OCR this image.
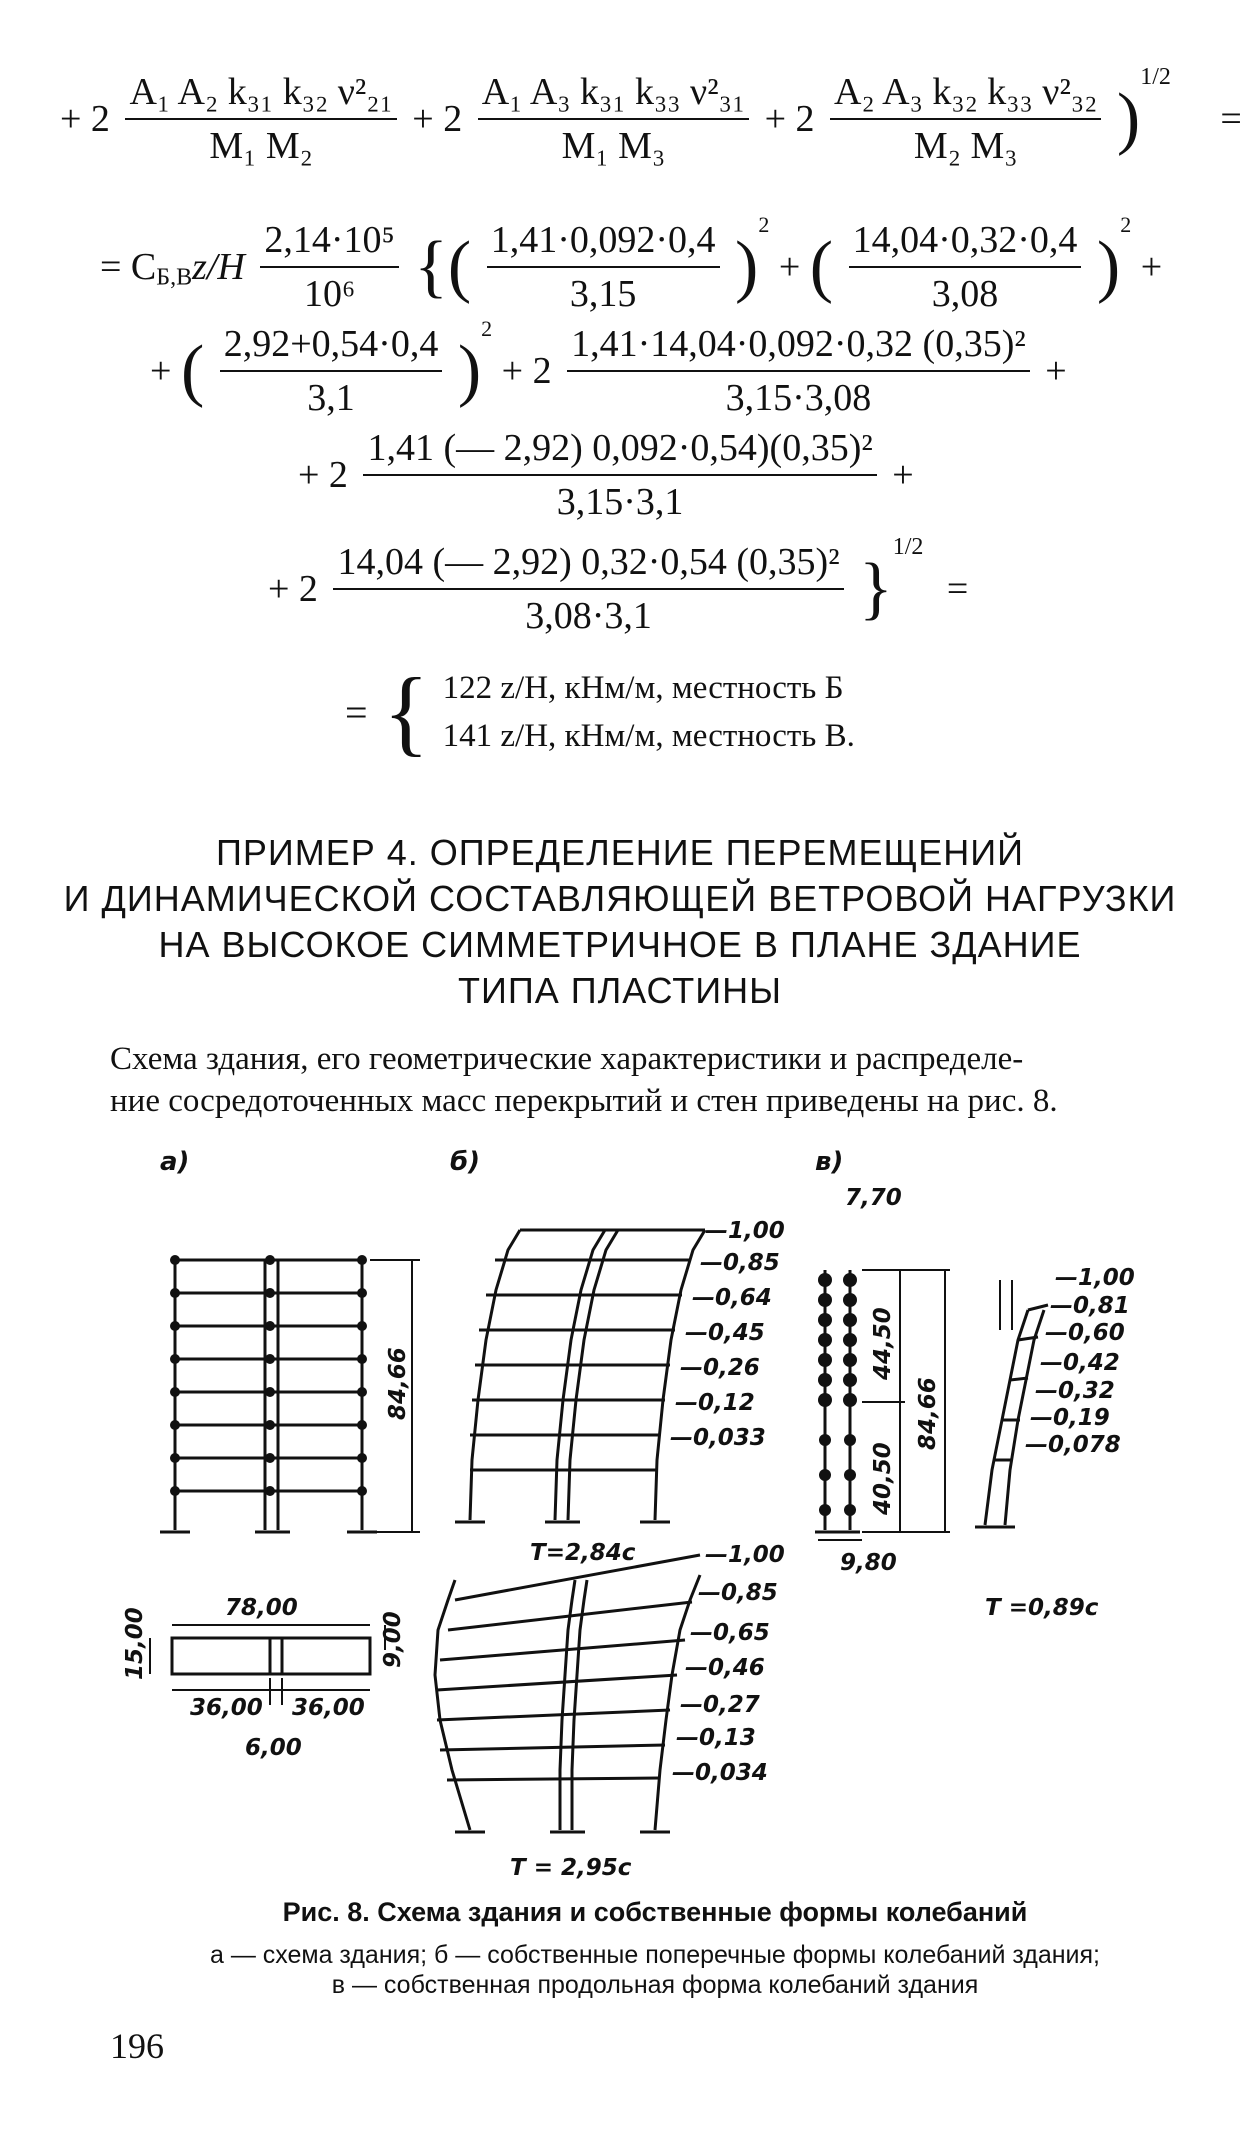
+ $2 \frac{\text{A₁ A₂ k₃₁ k₃₂ ν²₂₁}}{\text{M₁ M₂}} + 2 \frac{\text{A₁ A₃ k₃₁ k₃₃ ν²₃₁}}{\text{M₁ M₃}} + 2 \frac{\text{A₂ A₃ k₃₂ k₃₃ ν²₃₂}}{\text{M₂ M₃}} )^{1/2}$ =
= $C_{Б,В}z/H \frac{\text{2,14·10⁵}}{\text{10⁶}}$ {( $\frac{1,41\cdot 0,092\cdot 0,4}{3,15} )^2$ + ( $\frac{14,04\cdot 0,32\cdot 0,4}{3,08} )^2$ +
+ ( $\frac{2,92+0,54\cdot 0,4}{3,1} )^2 + 2 \frac{\text{1,41·14,04·0,092·0,32 (0,35)²}}{3,15\cdot 3,08}$ +
+ $2 \frac{\text{1,41 (— 2,92) 0,092·0,54)(0,35)²}}{3,15\cdot 3,1}$ +
+ $2 \frac{\text{14,04 (— 2,92) 0,32·0,54 (0,35)²}}{3,08\cdot 3,1} \}^{1/2}$ =
= { 122 z/H, кНм/м, местность Б
141 z/H, кНм/м, местность В.
ПРИМЕР 4. ОПРЕДЕЛЕНИЕ ПЕРЕМЕЩЕНИЙ
И ДИНАМИЧЕСКОЙ СОСТАВЛЯЮЩЕЙ ВЕТРОВОЙ НАГРУЗКИ
НА ВЫСОКОЕ СИММЕТРИЧНОЕ В ПЛАНЕ ЗДАНИЕ
ТИПА ПЛАСТИНЫ
Схема здания, его геометрические характеристики и распределе-
ние сосредоточенных масс перекрытий и стен приведены на рис. 8.
а)	б)	в)
84,66
78,00
15,00	9,00
36,00 36,00
6,00
—1,00
—0,85
—0,64
—0,45
—0,26
—0,12
—0,033
T=2,84с	—1,00
—0,85
—0,65
—0,46
—0,27
—0,13
—0,034
T = 2,95с
7,70
44,50
40,50
84,66
9,80
—1,00
—0,81
—0,60
—0,42
—0,32
—0,19
—0,078
T =0,89с
Рис. 8. Схема здания и собственные формы колебаний
а — схема здания; б — собственные поперечные формы колебаний здания;
в — собственная продольная форма колебаний здания
196
